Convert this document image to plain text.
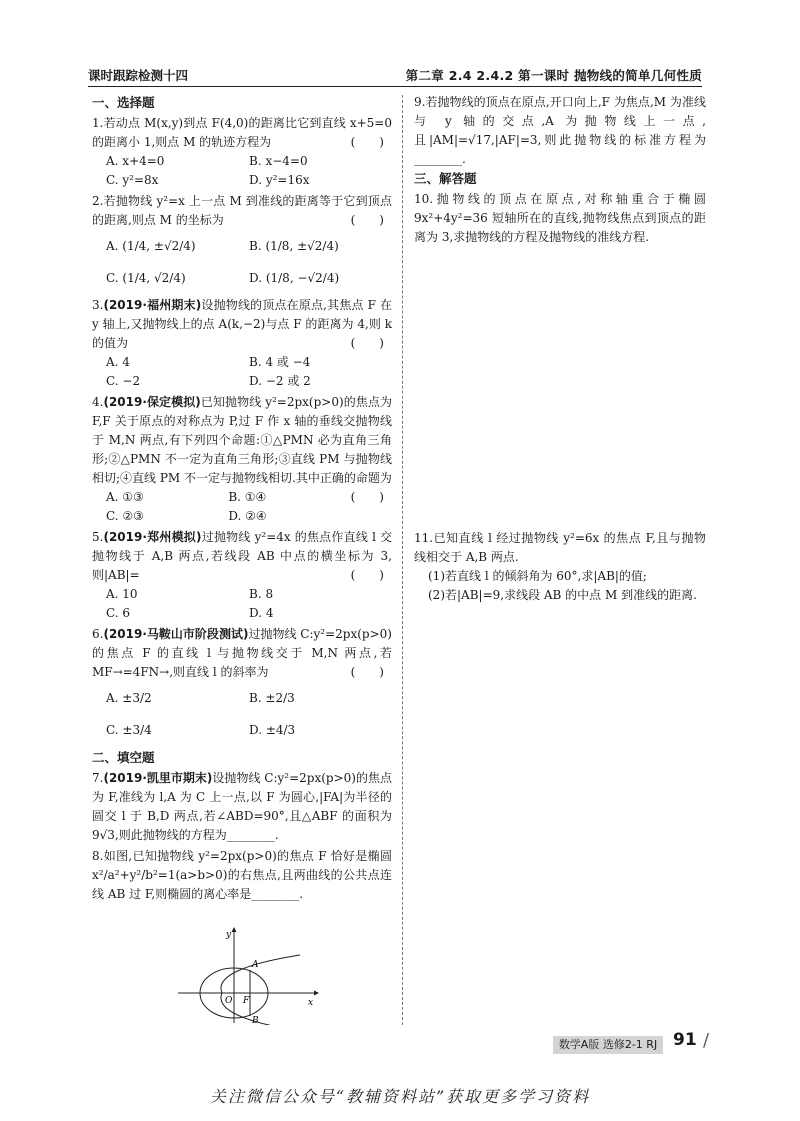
课时跟踪检测十四	第二章 2.4 2.4.2 第一课时 抛物线的简单几何性质
一、选择题

1.若动点 M(x,y)到点 F(4,0)的距离比它到直线 x+5=0 的距离小 1,则点 M 的轨迹方程为	(　　)

A. x+4=0	B. x−4=0
C. y²=8x	D. y²=16x

2.若抛物线 y²=x 上一点 M 到准线的距离等于它到顶点的距离,则点 M 的坐标为	(　　)

A. (1/4, ±√2/4)	B. (1/8, ±√2/4)
C. (1/4, √2/4)	D. (1/8, −√2/4)

3.(2019·福州期末)设抛物线的顶点在原点,其焦点 F 在 y 轴上,又抛物线上的点 A(k,−2)与点 F 的距离为 4,则 k 的值为	(　　)

A. 4	B. 4 或 −4
C. −2	D. −2 或 2

4.(2019·保定模拟)已知抛物线 y²=2px(p>0)的焦点为 F,F 关于原点的对称点为 P,过 F 作 x 轴的垂线交抛物线于 M,N 两点,有下列四个命题:①△PMN 必为直角三角形;②△PMN 不一定为直角三角形;③直线 PM 与抛物线相切;④直线 PM 不一定与抛物线相切.其中正确的命题为
(　　)

A. ①③	B. ①④
C. ②③	D. ②④

5.(2019·郑州模拟)过抛物线 y²=4x 的焦点作直线 l 交抛物线于 A,B 两点,若线段 AB 中点的横坐标为 3,则|AB|=	(　　)

A. 10	B. 8
C. 6	D. 4

6.(2019·马鞍山市阶段测试)过抛物线 C:y²=2px(p>0)的焦点 F 的直线 l 与抛物线交于 M,N 两点,若 MF→=4FN→,则直线 l 的斜率为	(　　)

A. ±3/2	B. ±2/3
C. ±3/4	D. ±4/3
二、填空题

7.(2019·凯里市期末)设抛物线 C:y²=2px(p>0)的焦点为 F,准线为 l,A 为 C 上一点,以 F 为圆心,|FA|为半径的圆交 l 于 B,D 两点,若∠ABD=90°,且△ABF 的面积为 9√3,则此抛物线的方程为________.

8.如图,已知抛物线 y²=2px(p>0)的焦点 F 恰好是椭圆 x²/a²+y²/b²=1(a>b>0)的右焦点,且两曲线的公共点连线 AB 过 F,则椭圆的离心率是________.

y
x
O F
A
B

9.若抛物线的顶点在原点,开口向上,F 为焦点,M 为准线与 y 轴的交点,A 为抛物线上一点,且|AM|=√17,|AF|=3,则此抛物线的标准方程为________.

三、解答题

10.抛物线的顶点在原点,对称轴重合于椭圆 9x²+4y²=36 短轴所在的直线,抛物线焦点到顶点的距离为 3,求抛物线的方程及抛物线的准线方程.

11.已知直线 l 经过抛物线 y²=6x 的焦点 F,且与抛物线相交于 A,B 两点.

(1)若直线 l 的倾斜角为 60°,求|AB|的值;

(2)若|AB|=9,求线段 AB 的中点 M 到准线的距离.

数学A版 选修2-1 RJ 91 /
关注微信公众号“教辅资料站”获取更多学习资料
